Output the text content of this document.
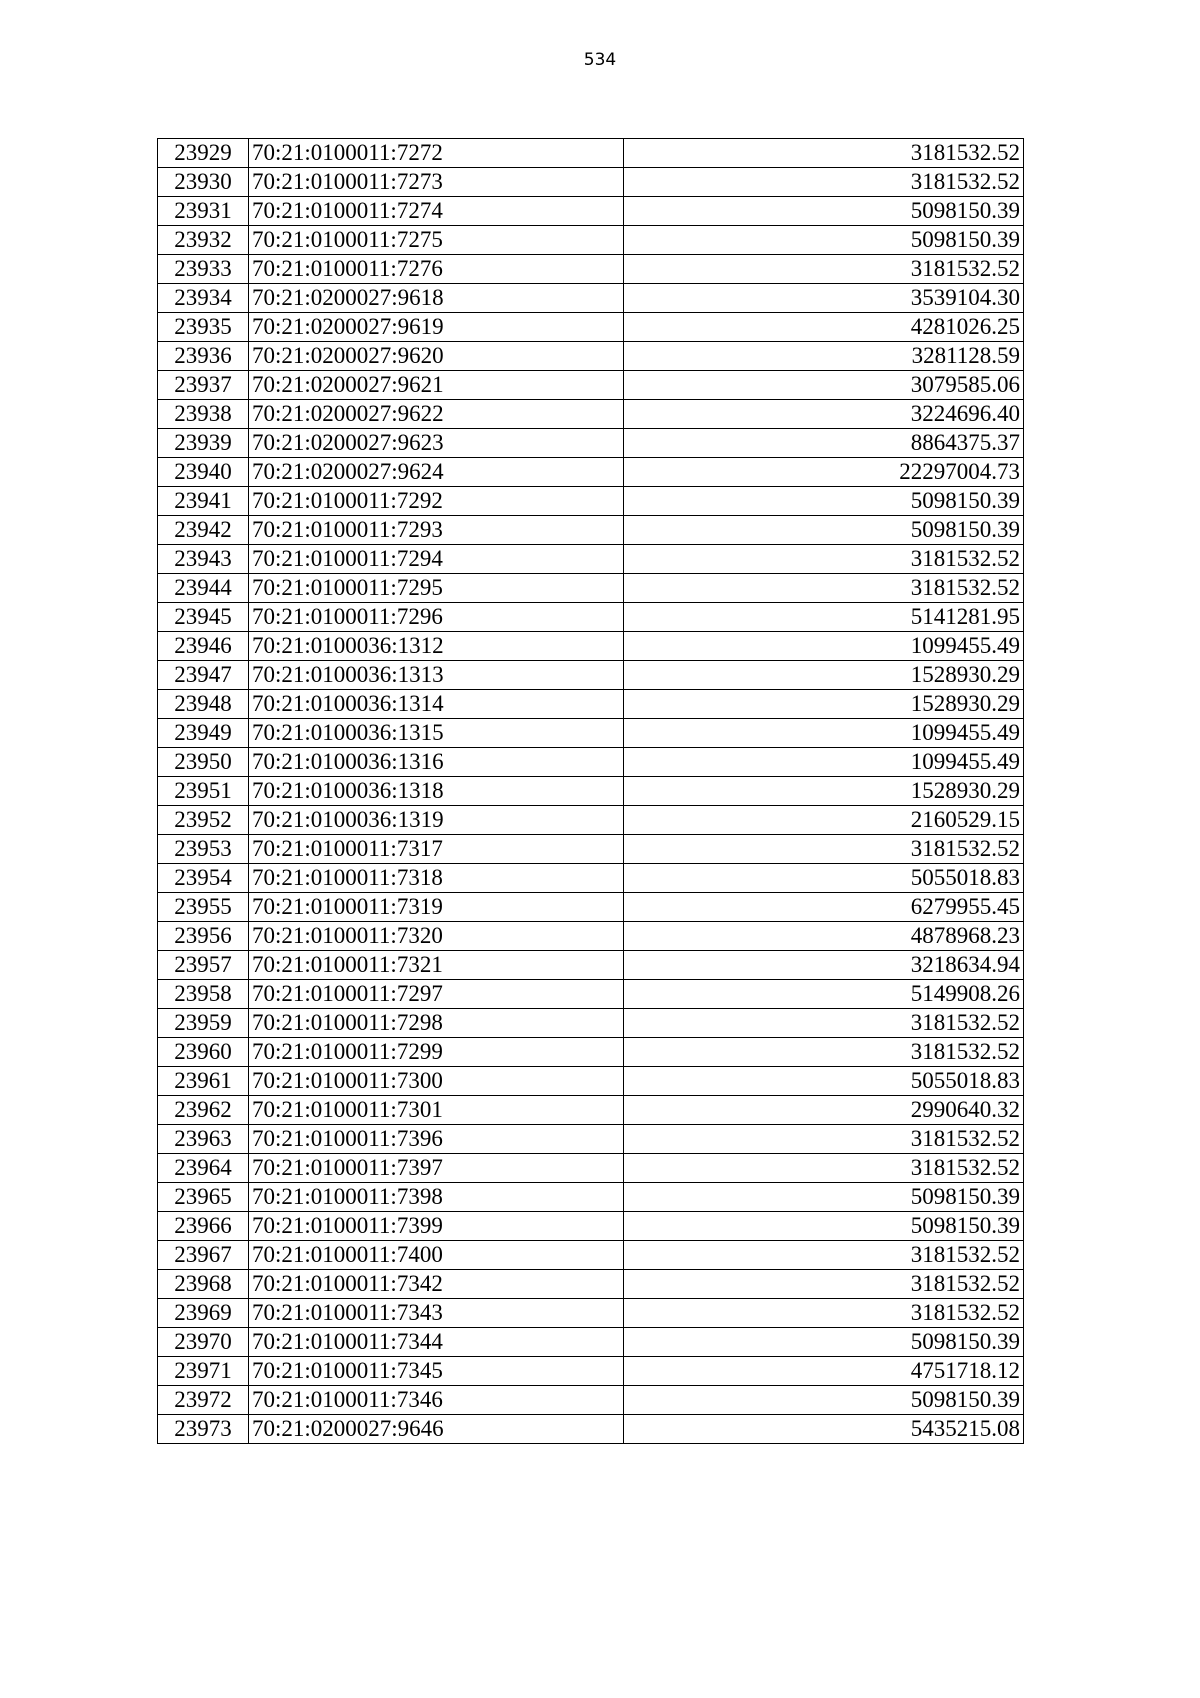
534
23929	70:21:0100011:7272	3181532.52
23930	70:21:0100011:7273	3181532.52
23931	70:21:0100011:7274	5098150.39
23932	70:21:0100011:7275	5098150.39
23933	70:21:0100011:7276	3181532.52
23934	70:21:0200027:9618	3539104.30
23935	70:21:0200027:9619	4281026.25
23936	70:21:0200027:9620	3281128.59
23937	70:21:0200027:9621	3079585.06
23938	70:21:0200027:9622	3224696.40
23939	70:21:0200027:9623	8864375.37
23940	70:21:0200027:9624	22297004.73
23941	70:21:0100011:7292	5098150.39
23942	70:21:0100011:7293	5098150.39
23943	70:21:0100011:7294	3181532.52
23944	70:21:0100011:7295	3181532.52
23945	70:21:0100011:7296	5141281.95
23946	70:21:0100036:1312	1099455.49
23947	70:21:0100036:1313	1528930.29
23948	70:21:0100036:1314	1528930.29
23949	70:21:0100036:1315	1099455.49
23950	70:21:0100036:1316	1099455.49
23951	70:21:0100036:1318	1528930.29
23952	70:21:0100036:1319	2160529.15
23953	70:21:0100011:7317	3181532.52
23954	70:21:0100011:7318	5055018.83
23955	70:21:0100011:7319	6279955.45
23956	70:21:0100011:7320	4878968.23
23957	70:21:0100011:7321	3218634.94
23958	70:21:0100011:7297	5149908.26
23959	70:21:0100011:7298	3181532.52
23960	70:21:0100011:7299	3181532.52
23961	70:21:0100011:7300	5055018.83
23962	70:21:0100011:7301	2990640.32
23963	70:21:0100011:7396	3181532.52
23964	70:21:0100011:7397	3181532.52
23965	70:21:0100011:7398	5098150.39
23966	70:21:0100011:7399	5098150.39
23967	70:21:0100011:7400	3181532.52
23968	70:21:0100011:7342	3181532.52
23969	70:21:0100011:7343	3181532.52
23970	70:21:0100011:7344	5098150.39
23971	70:21:0100011:7345	4751718.12
23972	70:21:0100011:7346	5098150.39
23973	70:21:0200027:9646	5435215.08
